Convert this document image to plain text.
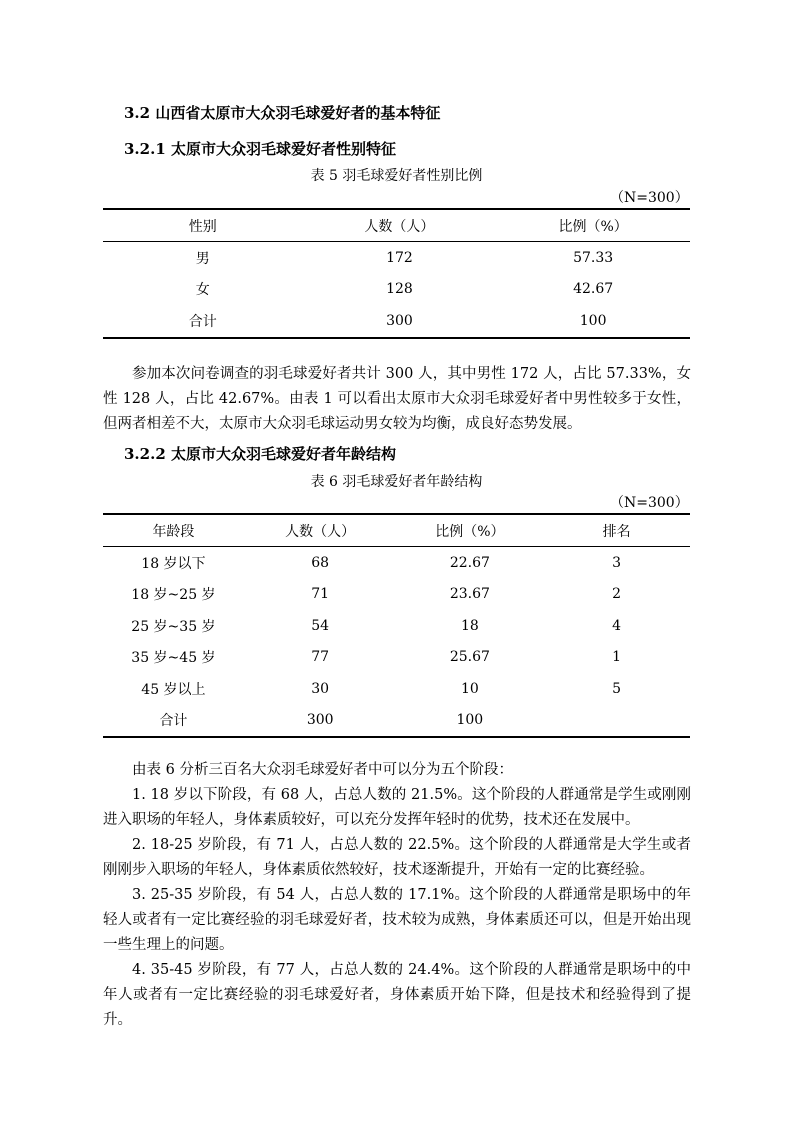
3.2 山西省太原市大众羽毛球爱好者的基本特征
3.2.1 太原市大众羽毛球爱好者性别特征
表 5 羽毛球爱好者性别比例
（N=300）
性别	人数（人）	比例（%）
男	172	57.33
女	128	42.67
合计	300	100

参加本次问卷调查的羽毛球爱好者共计 300 人，其中男性 172 人，占比 57.33%，女性 128 人，占比 42.67%。由表 1 可以看出太原市大众羽毛球爱好者中男性较多于女性，但两者相差不大，太原市大众羽毛球运动男女较为均衡，成良好态势发展。

3.2.2 太原市大众羽毛球爱好者年龄结构
表 6 羽毛球爱好者年龄结构
（N=300）
年龄段	人数（人）	比例（%）	排名
18 岁以下	68	22.67	3
18 岁~25 岁	71	23.67	2
25 岁~35 岁	54	18	4
35 岁~45 岁	77	25.67	1
45 岁以上	30	10	5
合计	300	100	

由表 6 分析三百名大众羽毛球爱好者中可以分为五个阶段：

1. 18 岁以下阶段，有 68 人，占总人数的 21.5%。这个阶段的人群通常是学生或刚刚进入职场的年轻人，身体素质较好，可以充分发挥年轻时的优势，技术还在发展中。

2. 18-25 岁阶段，有 71 人，占总人数的 22.5%。这个阶段的人群通常是大学生或者刚刚步入职场的年轻人，身体素质依然较好，技术逐渐提升，开始有一定的比赛经验。

3. 25-35 岁阶段，有 54 人，占总人数的 17.1%。这个阶段的人群通常是职场中的年轻人或者有一定比赛经验的羽毛球爱好者，技术较为成熟，身体素质还可以，但是开始出现一些生理上的问题。

4. 35-45 岁阶段，有 77 人，占总人数的 24.4%。这个阶段的人群通常是职场中的中年人或者有一定比赛经验的羽毛球爱好者，身体素质开始下降，但是技术和经验得到了提升。
